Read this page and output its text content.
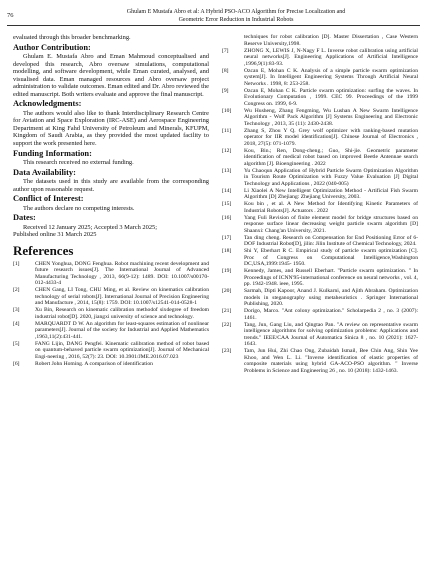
76	Ghulam E Mustafa Abro et al: A Hybrid PSO-ACO Algorithm for Precise Localization and
Geometric Error Reduction in Industrial Robots

evaluated through this broader benchmarking.

Author Contribution:

Ghulam E. Mustafa Abro and Eman Mahmoud conceptualised and developed this research, Abro oversaw simulations, computational modelling, and software development, while Eman curated, analysed, and visualised data. Eman managed resources and Abro oversaw project administration to validate outcomes. Eman edited and Dr. Abro reviewed the edited manuscript. Both writers evaluate and approve the final manuscript.

Acknowledgments:

The authors would also like to thank Interdisciplinary Research Centre for Aviation and Space Exploration (IRC-ASE) and Aerospace Engineering Department at King Fahd University of Petroleum and Minerals, KFUPM, Kingdom of Saudi Arabia, as they provided the most updated facility to support the work presented here.

Funding Information:

This research received no external funding.

Data Availability:

The datasets used in this study are available from the corresponding author upon reasonable request.

Conflict of Interest:

The authors declare no competing interests.

Dates:
Received 12 January 2025; Accepted 3 March 2025;
Published online 31 March 2025
References
[1]	CHEN Yonghua, DONG Fenghua. Robot machining recent development and future research issues[J]. The International Journal of Advanced Manufacturing Technology , 2013, 66(9-12): 1489. DOI: 10.1007/s00170-012-4433-4
[2]	CHEN Gang, LI Tong, CHU Ming, et al. Review on kinematics calibration technology of serial robots[J]. International Journal of Precision Engineering and Manufacture , 2014, 15(8): 1759. DOI: 10.1007/s12541-014-0528-1
[3]	Xu Bin, Research on kinematic calibration methodof sixdegree of freedom industrial robot[D]. 2020, jiangxi university of science and technology.
[4]	MARQUARDT D W. An algorithm for least-squares estimation of nonlinear parameters[J]. Journal of the society for Industrial and Applied Mathematics ,1963,11(2):431-441.
[5]	FANG Lijin, DANG Pengfei. Kinematic calibration method of robot based on quantum-behaved particle swarm optimization[J]. Journal of Mechanical Engi-neering , 2016, 52(7): 23. DOI: 10.3901/JME.2016.07.023
[6]	Robert John Homing. A comparison of identification
techniques for robot calibration [D]. Master Dissertation , Case Western Reserve University,1998.
[7]	ZHONG X, LEWIS J, N-Nagy F L. Inverse robot calibration using artificial neural networks[J]. Engineering Applications of Artificial Intelligence ,1996,9(1):83-93.
[8]	Ozcan E, Mohan C K. Analysis of a simple particle swarm optimization system[J]. In Intelligent Engineering Systems Through Artificial Neural Networks . 1998, 8: 253-258.
[9]	Ozcan E, Mohan C K. Particle swarm optimization: surfing the waves. In Evolutionary Computation , 1999. CEC 99. Proceedings of the 1999 Congress on. 1999, 6-9.
[10] Wu Husheng, Zhang Fengming, Wu Lushan A New Swarm Intelligence Algorithm - Wolf Pack Algorithm [J] Systems Engineering and Electronic Technology , 2013, 35 (11): 2430-2438.
[11] Zhang S, Zhou Y Q. Grey wolf optimizer with ranking-based mutation operator for IIR model identification[J]. Chinese Journal of Electronics , 2018, 27(5): 071-1079.
[12] Kou, Bin.; Ren, Dong-cheng.; Guo, Shi-jie. Geometric parameter identification of medical robot based on improved Beetle Antennae search algorithm [J]. Bioengineering . 2022
[13] Yu Chaoqun Application of Hybrid Particle Swarm Optimization Algorithm in Tourism Route Optimization with Fuzzy Value Evaluation [J] Digital Technology and Applications , 2022 (040-005)
[14] Li Xiaolei A New Intelligent Optimization Method - Artificial Fish Swarm Algorithm [D] Zhejiang: Zhejiang University, 2003.
[15] Kou bin , et al. A New Method for Identifying Kinetic Parameters of Industrial Robots[J]. Actuators . 2022
[16] Yang Fuli Revision of finite element model for bridge structures based on response surface linear decreasing weight particle swarm algorithm [D] Shaanxi: Chang'an University, 2021.
[17] Tan ding cheng. Research on Compensation for End Positioning Error of 6-DOF Industrial Robot[D], jilin: Jilin Institute of Chemical Technology, 2024.
[18] Shi Y, Eberhart R C. Empirical study of particle swarm optimization [C]. Proc of Congress on Computational Intelligence,Washington DC,USA,1999:1945- 1950.
[19] Kennedy, James, and Russell Eberhart. "Particle swarm optimization. " In Proceedings of ICNN'95-international conference on neural networks , vol. 4, pp. 1942-1948. ieee, 1995.
[20] Sarmah, Dipti Kapoor, Anand J. Kulkarni, and Ajith Abraham. Optimization models in steganography using metaheuristics . Springer International Publishing, 2020.
[21] Dorigo, Marco. "Ant colony optimization." Scholarpedia 2 , no. 3 (2007): 1461.
[22] Tang, Jun, Gang Liu, and Qingtao Pan. "A review on representative swarm intelligence algorithms for solving optimization problems: Applications and trends." IEEE/CAA Journal of Automatica Sinica 8 , no. 10 (2021): 1627-1643.
[23] Tam, Jun Hui, Zhi Chao Ong, Zubaidah Ismail, Bee Chin Ang, Shin Yee Khoo, and Wen L. Li. "Inverse identification of elastic properties of composite materials using hybrid GA-ACO-PSO algorithm. " Inverse Problems in Science and Engineering 26 , no. 10 (2018): 1432-1463.
